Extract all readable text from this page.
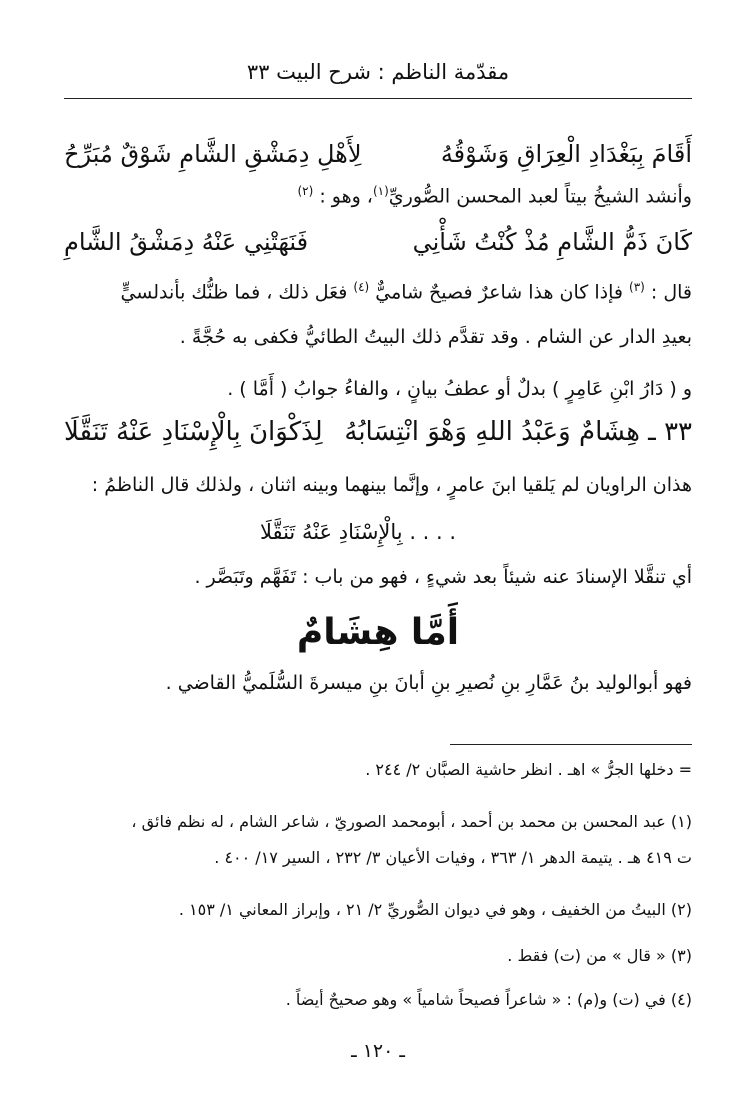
مقدّمة الناظم : شرح البيت ٣٣
أَقَامَ بِبَغْدَادِ الْعِرَاقِ وَشَوْقُهُ
لِأَهْلِ دِمَشْقِ الشَّامِ شَوْقٌ مُبَرِّحُ
وأنشد الشيخُ بيتاً لعبد المحسن الصُّوريِّ$^{(١)}$، وهو : $^{(٢)}$
كَانَ ذَمُّ الشَّامِ مُذْ كُنْتُ شَأْنِي
فَنَهَتْنِي عَنْهُ دِمَشْقُ الشَّامِ
قال : $^{(٣)}$ فإذا كان هذا شاعرٌ فصيحٌ شاميٌّ $^{(٤)}$ فعَل ذلك ، فما ظنُّك بأندلسيٍّ
بعيدِ الدار عن الشام . وقد تقدَّم ذلك البيتُ الطائيُّ فكفى به حُجَّةً .
و ( دَارُ ابْنِ عَامِرٍ ) بدلٌ أو عطفُ بيانٍ ، والفاءُ جوابُ ( أَمَّا ) .
٣٣ ـ هِشَامٌ وَعَبْدُ اللهِ وَهْوَ انْتِسَابُهُ
لِذَكْوَانَ بِالْإِسْنَادِ عَنْهُ تَنَقَّلَا
هذان الراويان لم يَلقيا ابنَ عامرٍ ، وإنَّما بينهما وبينه اثنان ، ولذلك قال الناظمُ :
. . . . بِالْإِسْنَادِ عَنْهُ تَنَقَّلَا
أي تنقَّلا الإسنادَ عنه شيئاً بعد شيءٍ ، فهو من باب : تَفَهَّم وتَبَصَّر .
أَمَّا هِشَامٌ
فهو أبوالوليد بنُ عَمَّارِ بنِ نُصيرِ بنِ أبانَ بنِ ميسرةَ السُّلَميُّ القاضي .
= دخلها الجرُّ » اهـ . انظر حاشية الصبَّان ٢/ ٢٤٤ .
(١) عبد المحسن بن محمد بن أحمد ، أبومحمد الصوريّ ، شاعر الشام ، له نظم فائق ،
ت ٤١٩ هـ . يتيمة الدهر ١/ ٣٦٣ ، وفيات الأعيان ٣/ ٢٣٢ ، السير ١٧/ ٤٠٠ .
(٢) البيتُ من الخفيف ، وهو في ديوان الصُّوريِّ ٢/ ٢١ ، وإبراز المعاني ١/ ١٥٣ .
(٣) « قال » من (ت) فقط .
(٤) في (ت) و(م) : « شاعراً فصيحاً شامياً » وهو صحيحٌ أيضاً .
ـ ١٢٠ ـ
